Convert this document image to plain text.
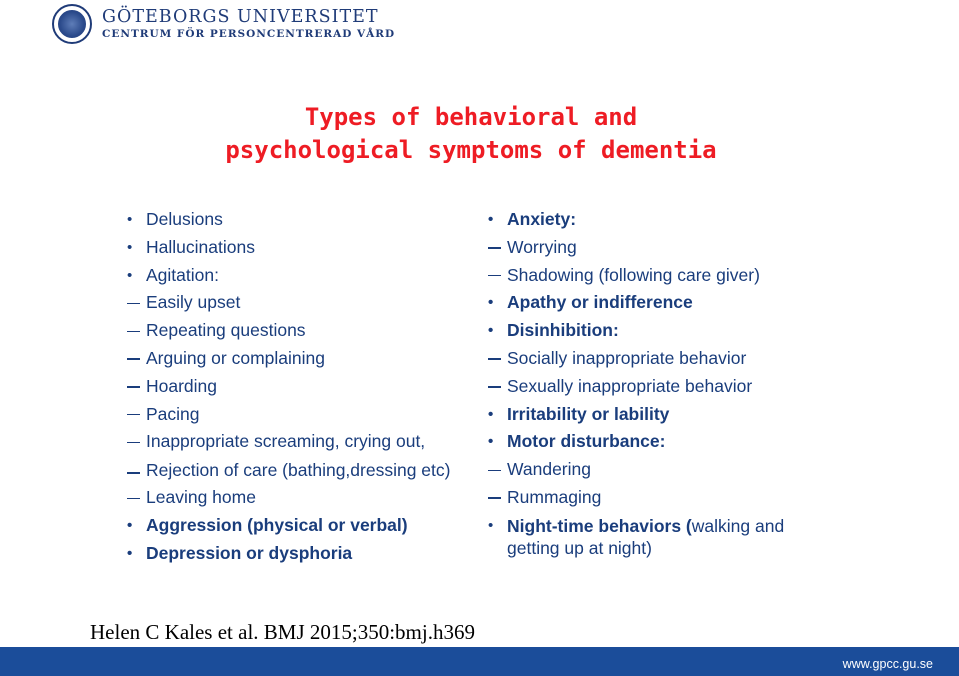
GÖTEBORGS UNIVERSITET
CENTRUM FÖR PERSONCENTRERAD VÅRD
Types of behavioral and
psychological symptoms of dementia
• Delusions
• Hallucinations
• Agitation:
Easily upset
Repeating questions
Arguing or complaining
Hoarding
Pacing
Inappropriate screaming, crying out,
Rejection of care (bathing,dressing etc)
Leaving home
• Aggression (physical or verbal)
• Depression or dysphoria
• Anxiety:
Worrying
Shadowing (following care giver)
• Apathy or indifference
• Disinhibition:
Socially inappropriate behavior
Sexually inappropriate behavior
• Irritability or lability
• Motor disturbance:
Wandering
Rummaging
• Night-time behaviors (walking and getting up at night)
Helen C Kales et al. BMJ 2015;350:bmj.h369
www.gpcc.gu.se
